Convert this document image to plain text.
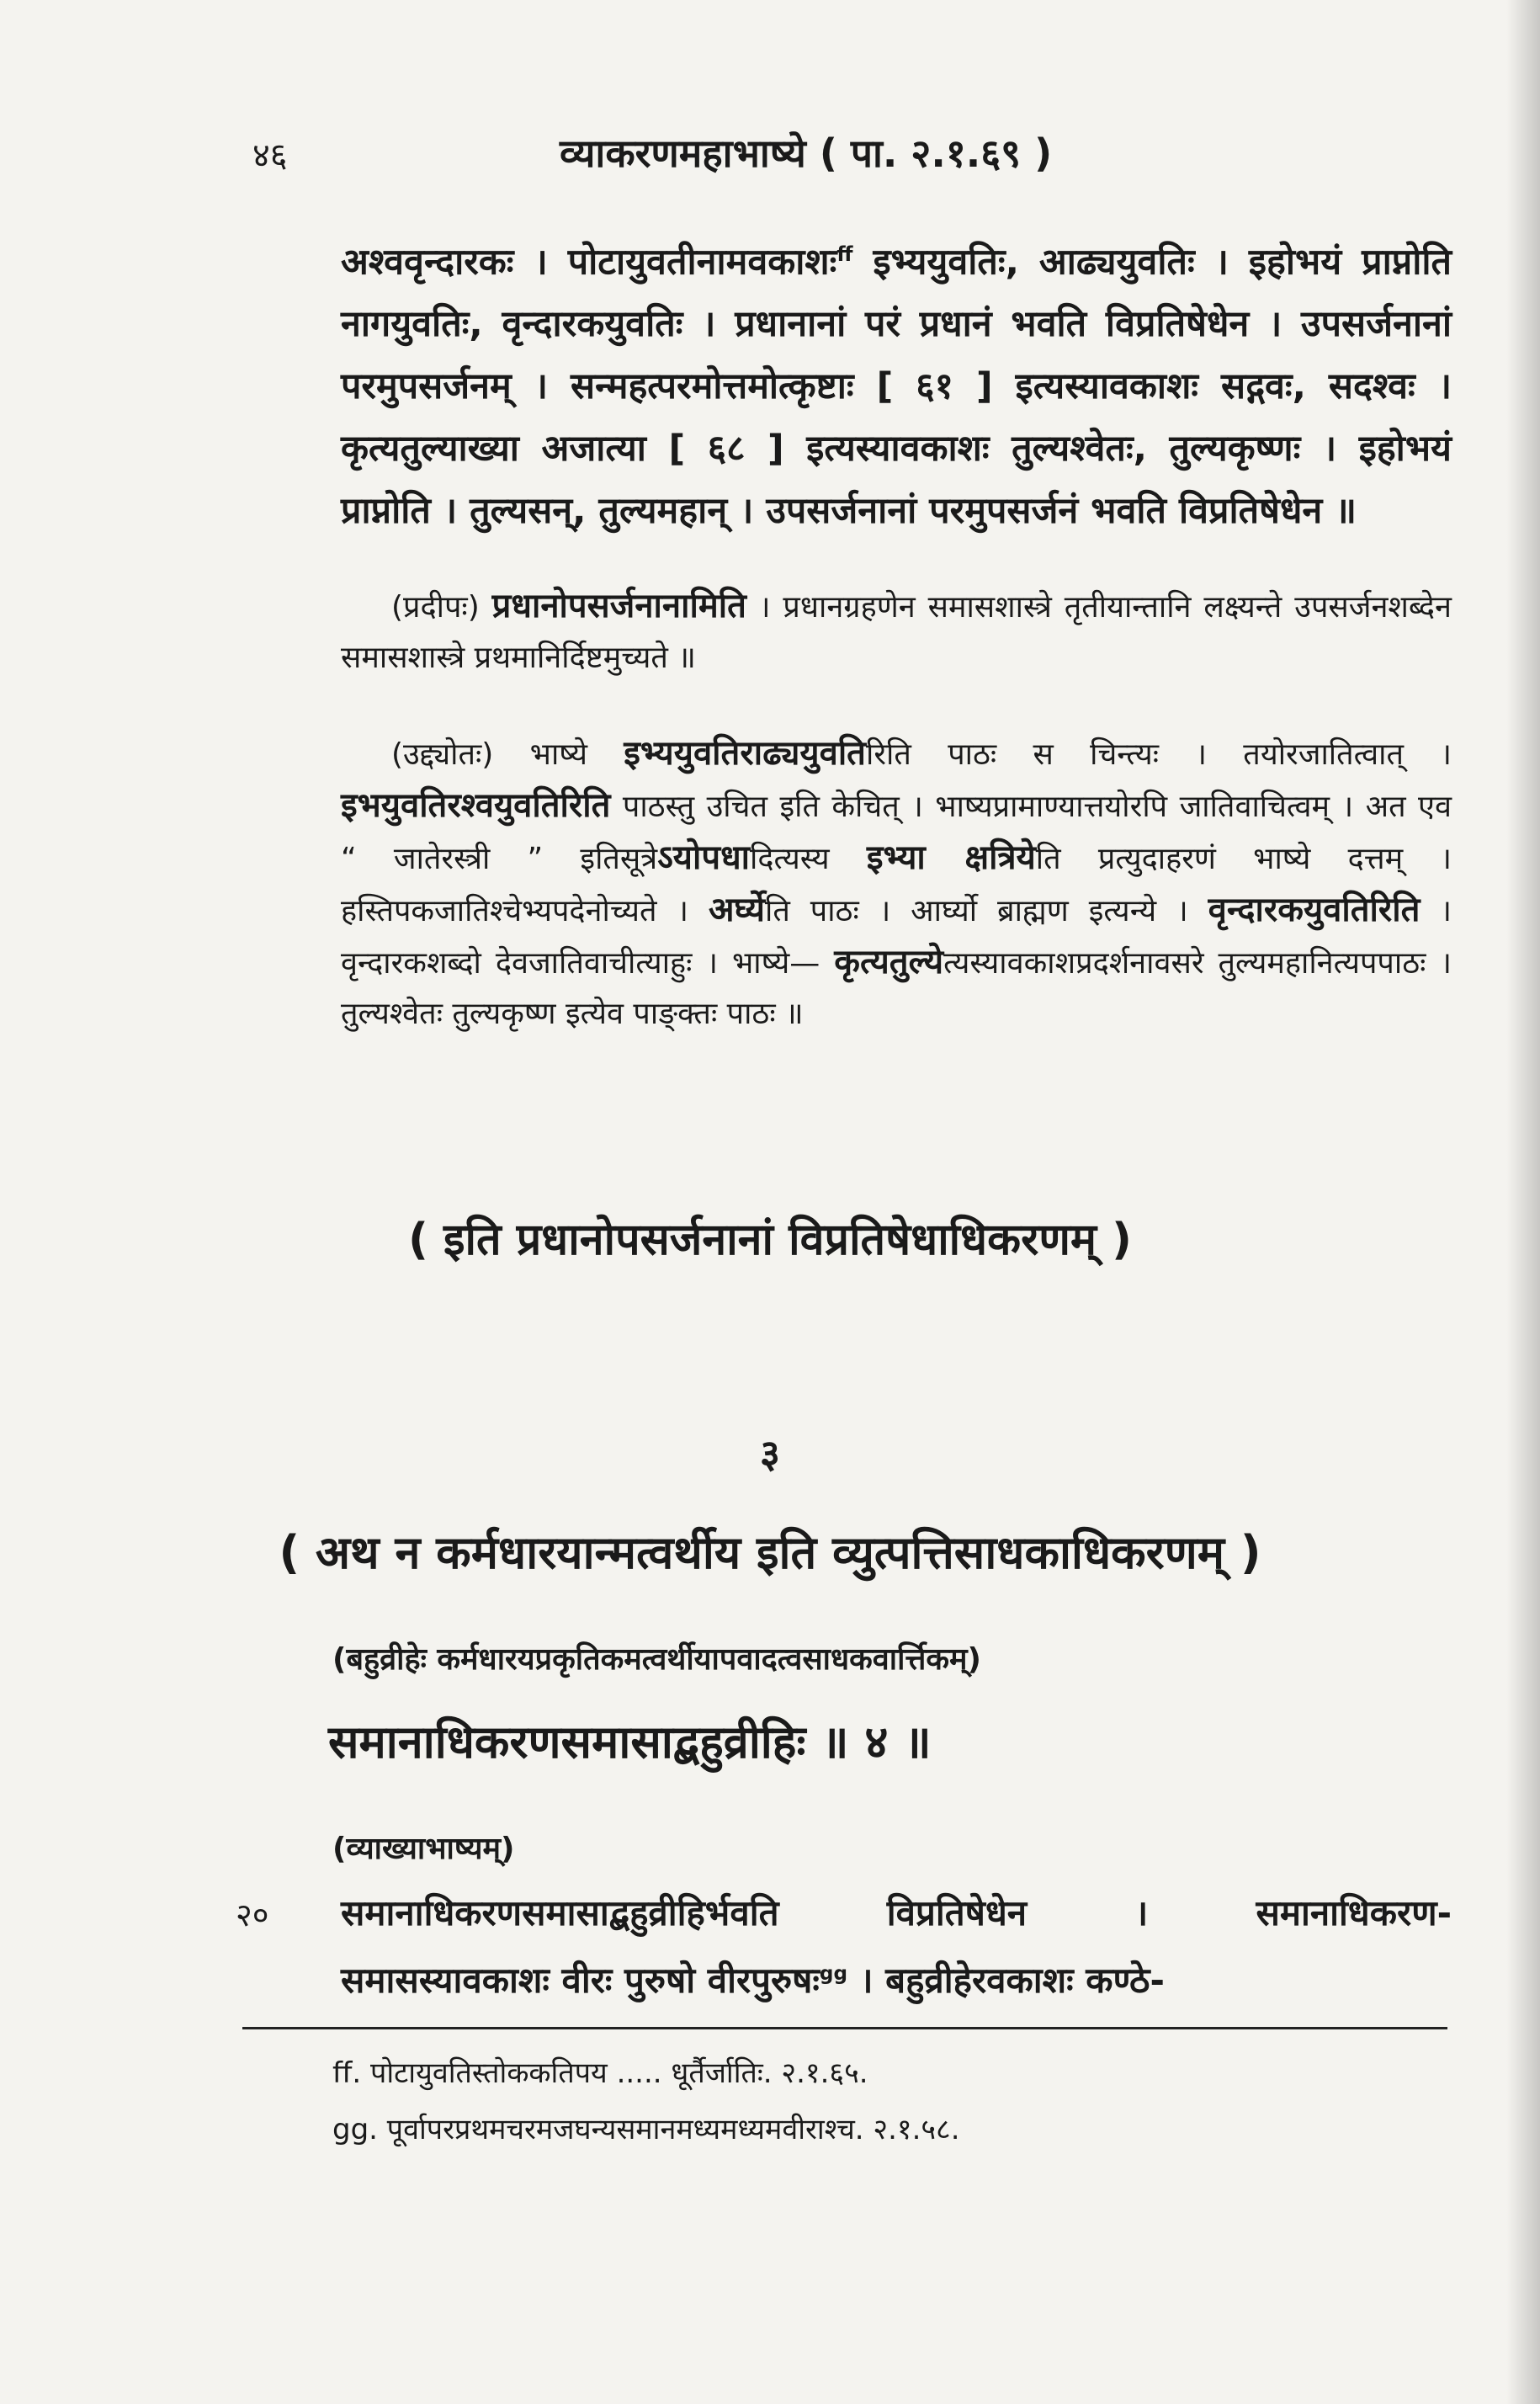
४६	व्याकरणमहाभाष्ये ( पा. २.१.६९ )

अश्ववृन्दारकः । पोटायुवतीनामवकाशः$^{ff}$ इभ्ययुवतिः, आढ्ययुवतिः । इहोभयं प्राप्नोति नागयुवतिः, वृन्दारकयुवतिः । प्रधानानां परं प्रधानं भवति विप्रतिषेधेन । उपसर्जनानां परमुपसर्जनम् । सन्महत्परमोत्तमोत्कृष्टाः [ ६१ ] इत्यस्यावकाशः सद्गवः, सदश्वः । कृत्यतुल्याख्या अजात्या [ ६८ ] इत्यस्यावकाशः तुल्यश्वेतः, तुल्यकृष्णः । इहोभयं प्राप्नोति । तुल्यसन्, तुल्यमहान् । उपसर्जनानां परमुपसर्जनं भवति विप्रतिषेधेन ॥

(प्रदीपः) प्रधानोपसर्जनानामिति । प्रधानग्रहणेन समासशास्त्रे तृतीयान्तानि लक्ष्यन्ते उपसर्जनशब्देन समासशास्त्रे प्रथमानिर्दिष्टमुच्यते ॥

(उद्द्योतः) भाष्ये इभ्ययुवतिराढ्ययुवतिरिति पाठः स चिन्त्यः । तयोरजातित्वात् । इभयुवतिरश्वयुवतिरिति पाठस्तु उचित इति केचित् । भाष्यप्रामाण्यात्तयोरपि जातिवाचित्वम् । अत एव “ जातेरस्त्री ” इतिसूत्रेऽयोपधादित्यस्य इभ्या क्षत्रियेति प्रत्युदाहरणं भाष्ये दत्तम् । हस्तिपकजातिश्चेभ्यपदेनोच्यते । अर्घ्येति पाठः । आर्घ्यो ब्राह्मण इत्यन्ये । वृन्दारकयुवतिरिति । वृन्दारकशब्दो देवजातिवाचीत्याहुः । भाष्ये— कृत्यतुल्येत्यस्यावकाशप्रदर्शनावसरे तुल्यमहानित्यपपाठः । तुल्यश्वेतः तुल्यकृष्ण इत्येव पाङ्क्तः पाठः ॥

( इति प्रधानोपसर्जनानां विप्रतिषेधाधिकरणम् )
३
( अथ न कर्मधारयान्मत्वर्थीय इति व्युत्पत्तिसाधकाधिकरणम् )
(बहुव्रीहेः कर्मधारयप्रकृतिकमत्वर्थीयापवादत्वसाधकवार्त्तिकम्)
समानाधिकरणसमासाद्बहुव्रीहिः ॥ ४ ॥
(व्याख्याभाष्यम्)
२० समानाधिकरणसमासाद्बहुव्रीहिर्भवति विप्रतिषेधेन । समानाधिकरण-
समासस्यावकाशः वीरः पुरुषो वीरपुरुषः$^{gg}$ । बहुव्रीहेरवकाशः कण्ठे-
ff. पोटायुवतिस्तोककतिपय ..... धूर्तैर्जातिः. २.१.६५.
gg. पूर्वापरप्रथमचरमजघन्यसमानमध्यमध्यमवीराश्च. २.१.५८.
